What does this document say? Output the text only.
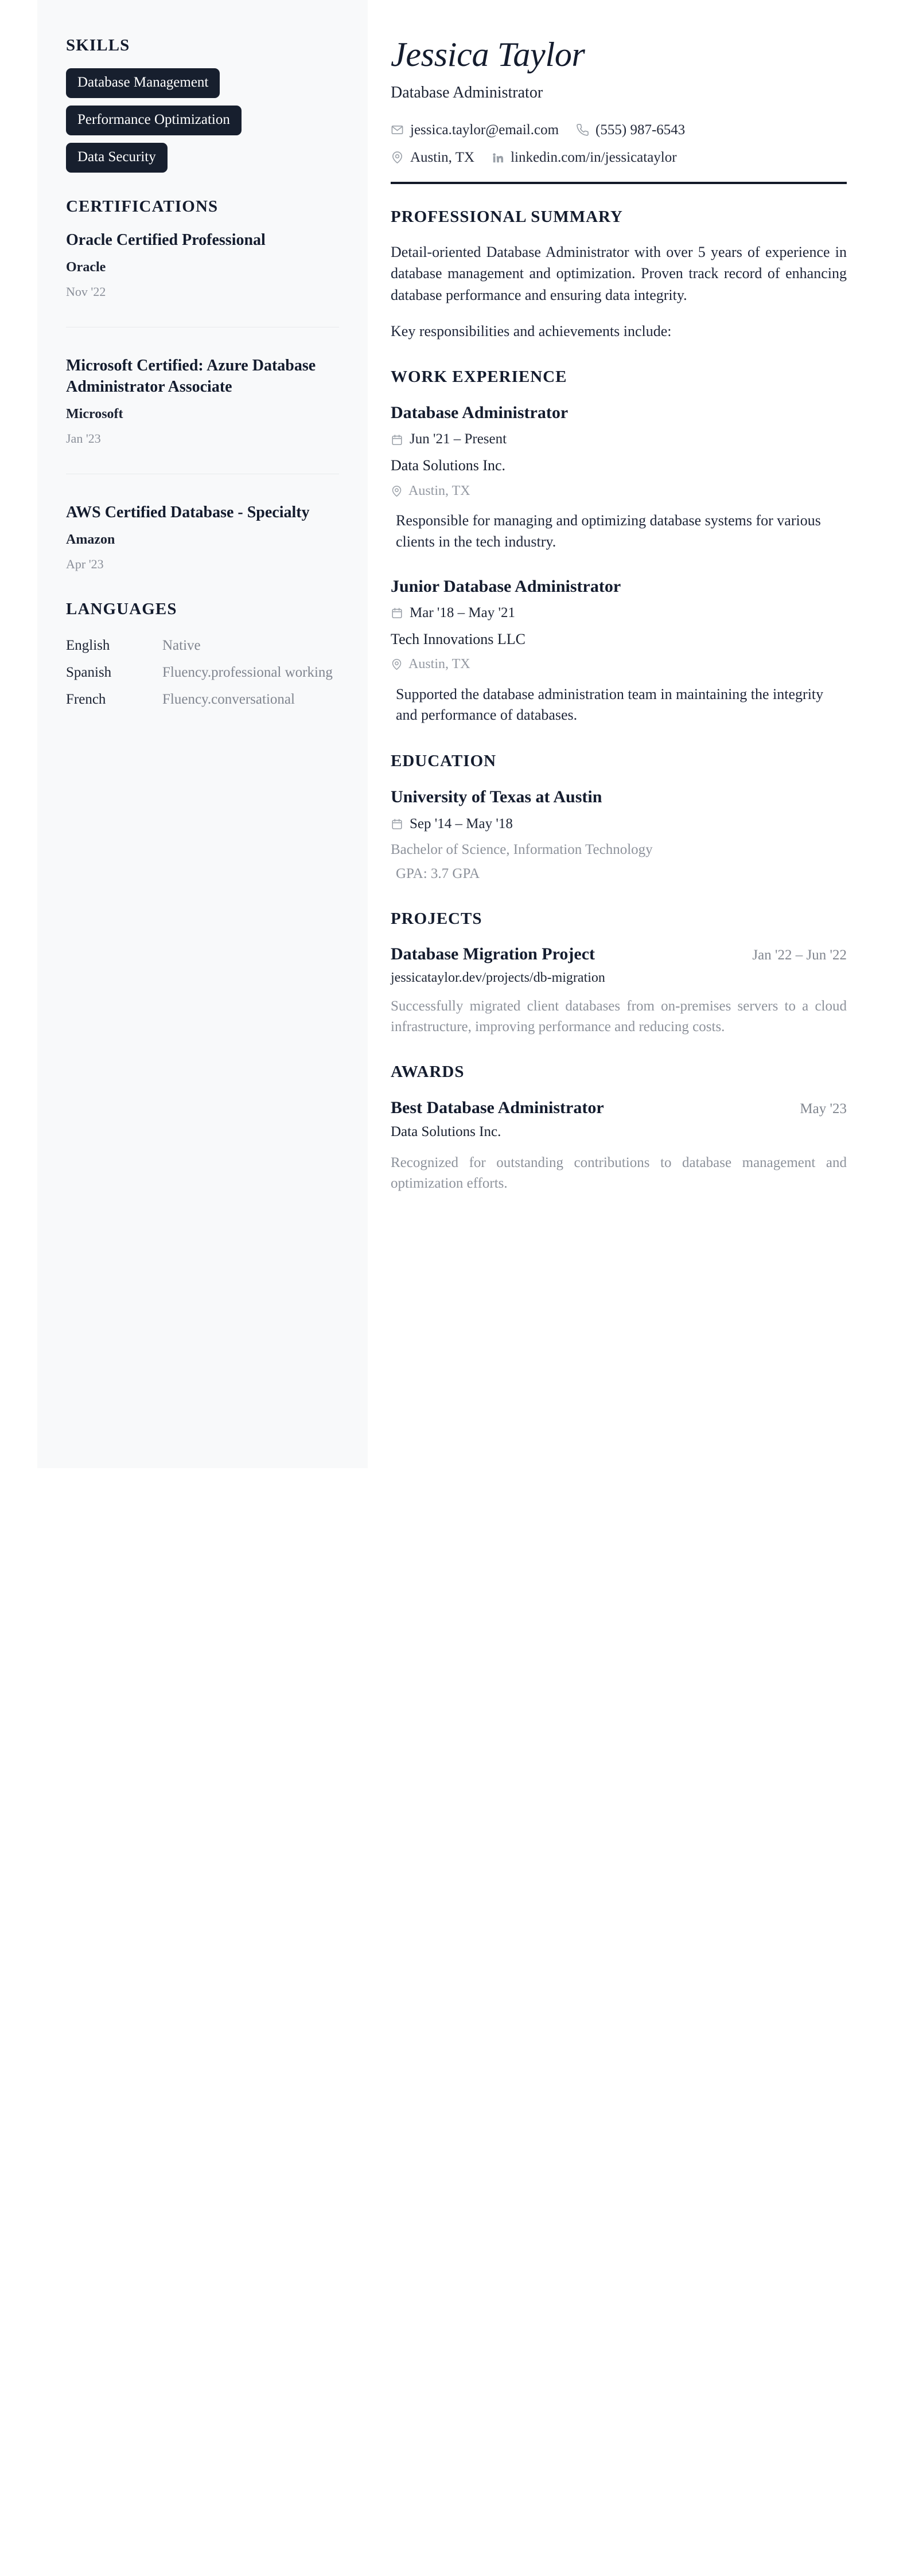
SKILLS
Database Management
Performance Optimization
Data Security
CERTIFICATIONS
Oracle Certified Professional
Oracle
Nov '22
Microsoft Certified: Azure Database Administrator Associate
Microsoft
Jan '23
AWS Certified Database - Specialty
Amazon
Apr '23
LANGUAGES
English	Native
Spanish	Fluency.professional working
French	Fluency.conversational
Jessica Taylor
Database Administrator
jessica.taylor@email.com	(555) 987-6543
Austin, TX	linkedin.com/in/jessicataylor
PROFESSIONAL SUMMARY

Detail-oriented Database Administrator with over 5 years of experience in database management and optimization. Proven track record of enhancing database performance and ensuring data integrity.

Key responsibilities and achievements include:

WORK EXPERIENCE
Database Administrator
Jun '21 – Present
Data Solutions Inc.
Austin, TX

Responsible for managing and optimizing database systems for various clients in the tech industry.

Junior Database Administrator
Mar '18 – May '21
Tech Innovations LLC
Austin, TX

Supported the database administration team in maintaining the integrity and performance of databases.

EDUCATION
University of Texas at Austin
Sep '14 – May '18
Bachelor of Science, Information Technology
GPA: 3.7 GPA
PROJECTS
Database Migration Project	Jan '22 – Jun '22
jessicataylor.dev/projects/db-migration

Successfully migrated client databases from on-premises servers to a cloud infrastructure, improving performance and reducing costs.

AWARDS
Best Database Administrator	May '23
Data Solutions Inc.

Recognized for outstanding contributions to database management and optimization efforts.
